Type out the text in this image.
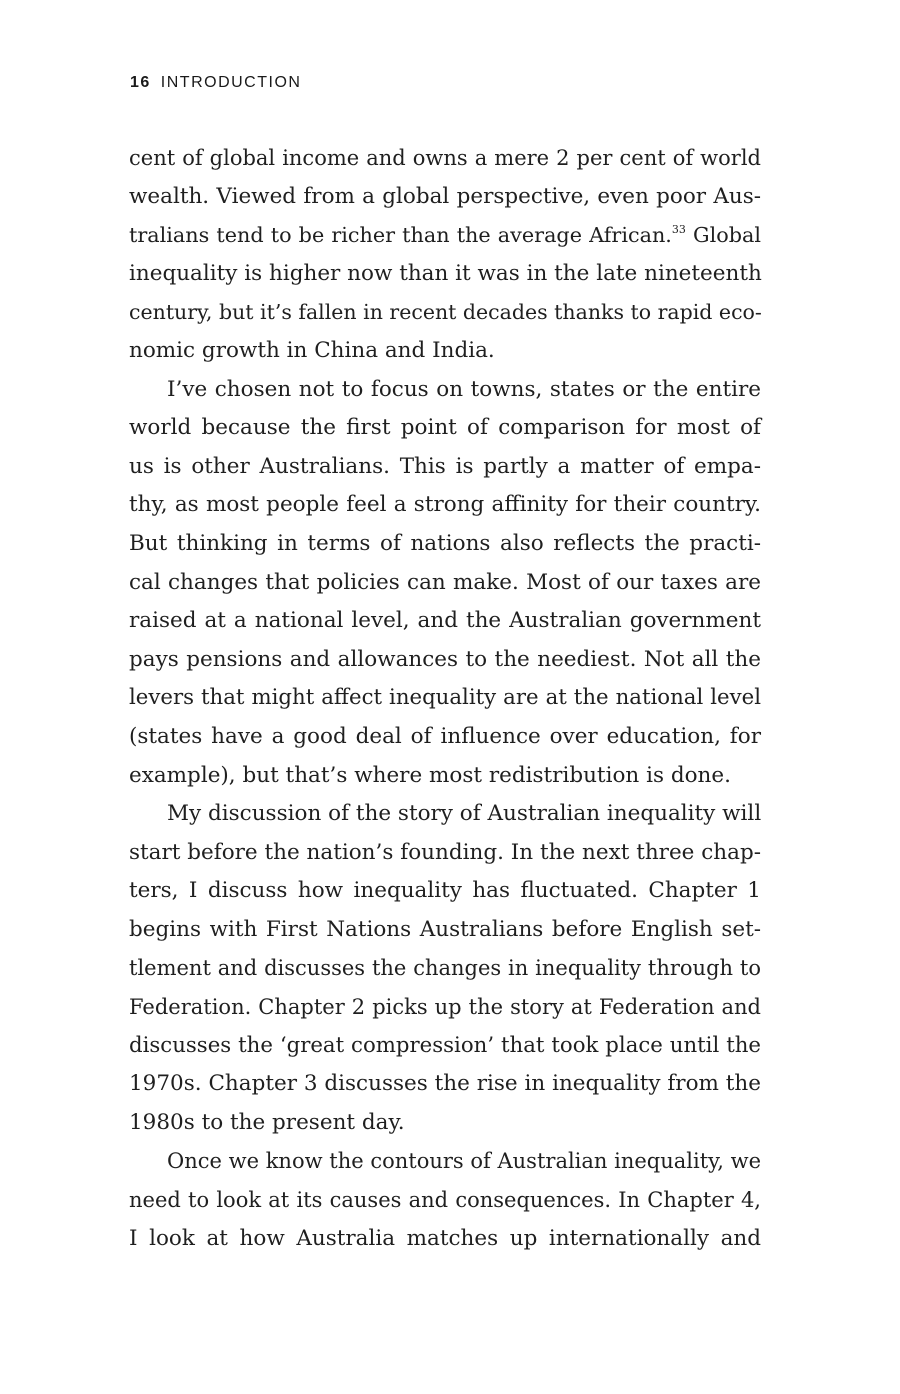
16 INTRODUCTION
cent of global income and owns a mere 2 per cent of world
wealth. Viewed from a global perspective, even poor Aus-
tralians tend to be richer than the average African.$^{33}$ Global
inequality is higher now than it was in the late nineteenth
century, but it’s fallen in recent decades thanks to rapid eco-
nomic growth in China and India.
I’ve chosen not to focus on towns, states or the entire
world because the first point of comparison for most of
us is other Australians. This is partly a matter of empa-
thy, as most people feel a strong affinity for their country.
But thinking in terms of nations also reflects the practi-
cal changes that policies can make. Most of our taxes are
raised at a national level, and the Australian government
pays pensions and allowances to the neediest. Not all the
levers that might affect inequality are at the national level
(states have a good deal of influence over education, for
example), but that’s where most redistribution is done.
My discussion of the story of Australian inequality will
start before the nation’s founding. In the next three chap-
ters, I discuss how inequality has fluctuated. Chapter 1
begins with First Nations Australians before English set-
tlement and discusses the changes in inequality through to
Federation. Chapter 2 picks up the story at Federation and
discusses the ‘great compression’ that took place until the
1970s. Chapter 3 discusses the rise in inequality from the
1980s to the present day.
Once we know the contours of Australian inequality, we
need to look at its causes and consequences. In Chapter 4,
I look at how Australia matches up internationally and
